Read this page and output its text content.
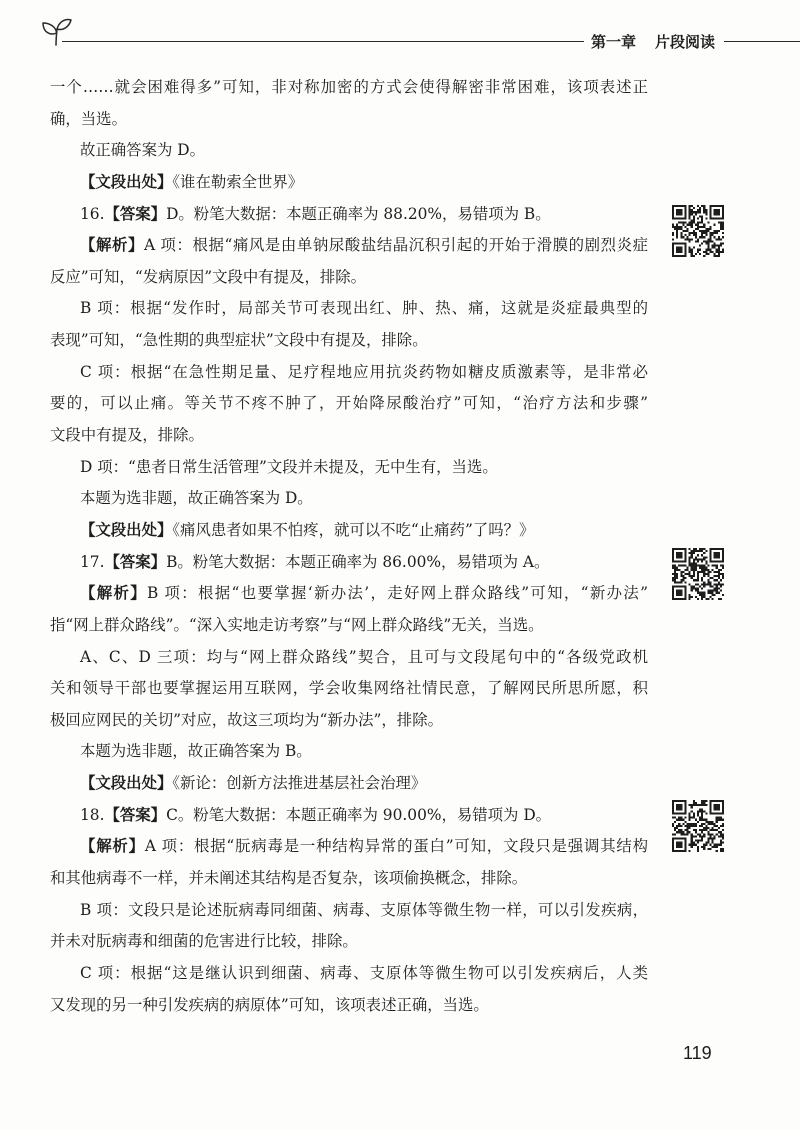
第一章 片段阅读
一个……就会困难得多”可知，非对称加密的方式会使得解密非常困难，该项表述正
确，当选。
故正确答案为 D。
【文段出处】《谁在勒索全世界》
16.【答案】D。粉笔大数据：本题正确率为 88.20%，易错项为 B。
【解析】A 项：根据“痛风是由单钠尿酸盐结晶沉积引起的开始于滑膜的剧烈炎症
反应”可知，“发病原因”文段中有提及，排除。
B 项：根据“发作时，局部关节可表现出红、肿、热、痛，这就是炎症最典型的
表现”可知，“急性期的典型症状”文段中有提及，排除。
C 项：根据“在急性期足量、足疗程地应用抗炎药物如糖皮质激素等，是非常必
要的，可以止痛。等关节不疼不肿了，开始降尿酸治疗”可知，“治疗方法和步骤”
文段中有提及，排除。
D 项：“患者日常生活管理”文段并未提及，无中生有，当选。
本题为选非题，故正确答案为 D。
【文段出处】《痛风患者如果不怕疼，就可以不吃“止痛药”了吗？》
17.【答案】B。粉笔大数据：本题正确率为 86.00%，易错项为 A。
【解析】B 项：根据“也要掌握‘新办法’，走好网上群众路线”可知，“新办法”
指“网上群众路线”。“深入实地走访考察”与“网上群众路线”无关，当选。
A、C、D 三项：均与“网上群众路线”契合，且可与文段尾句中的“各级党政机
关和领导干部也要掌握运用互联网，学会收集网络社情民意，了解网民所思所愿，积
极回应网民的关切”对应，故这三项均为“新办法”，排除。
本题为选非题，故正确答案为 B。
【文段出处】《新论：创新方法推进基层社会治理》
18.【答案】C。粉笔大数据：本题正确率为 90.00%，易错项为 D。
【解析】A 项：根据“朊病毒是一种结构异常的蛋白”可知，文段只是强调其结构
和其他病毒不一样，并未阐述其结构是否复杂，该项偷换概念，排除。
B 项：文段只是论述朊病毒同细菌、病毒、支原体等微生物一样，可以引发疾病，
并未对朊病毒和细菌的危害进行比较，排除。
C 项：根据“这是继认识到细菌、病毒、支原体等微生物可以引发疾病后，人类
又发现的另一种引发疾病的病原体”可知，该项表述正确，当选。
119
